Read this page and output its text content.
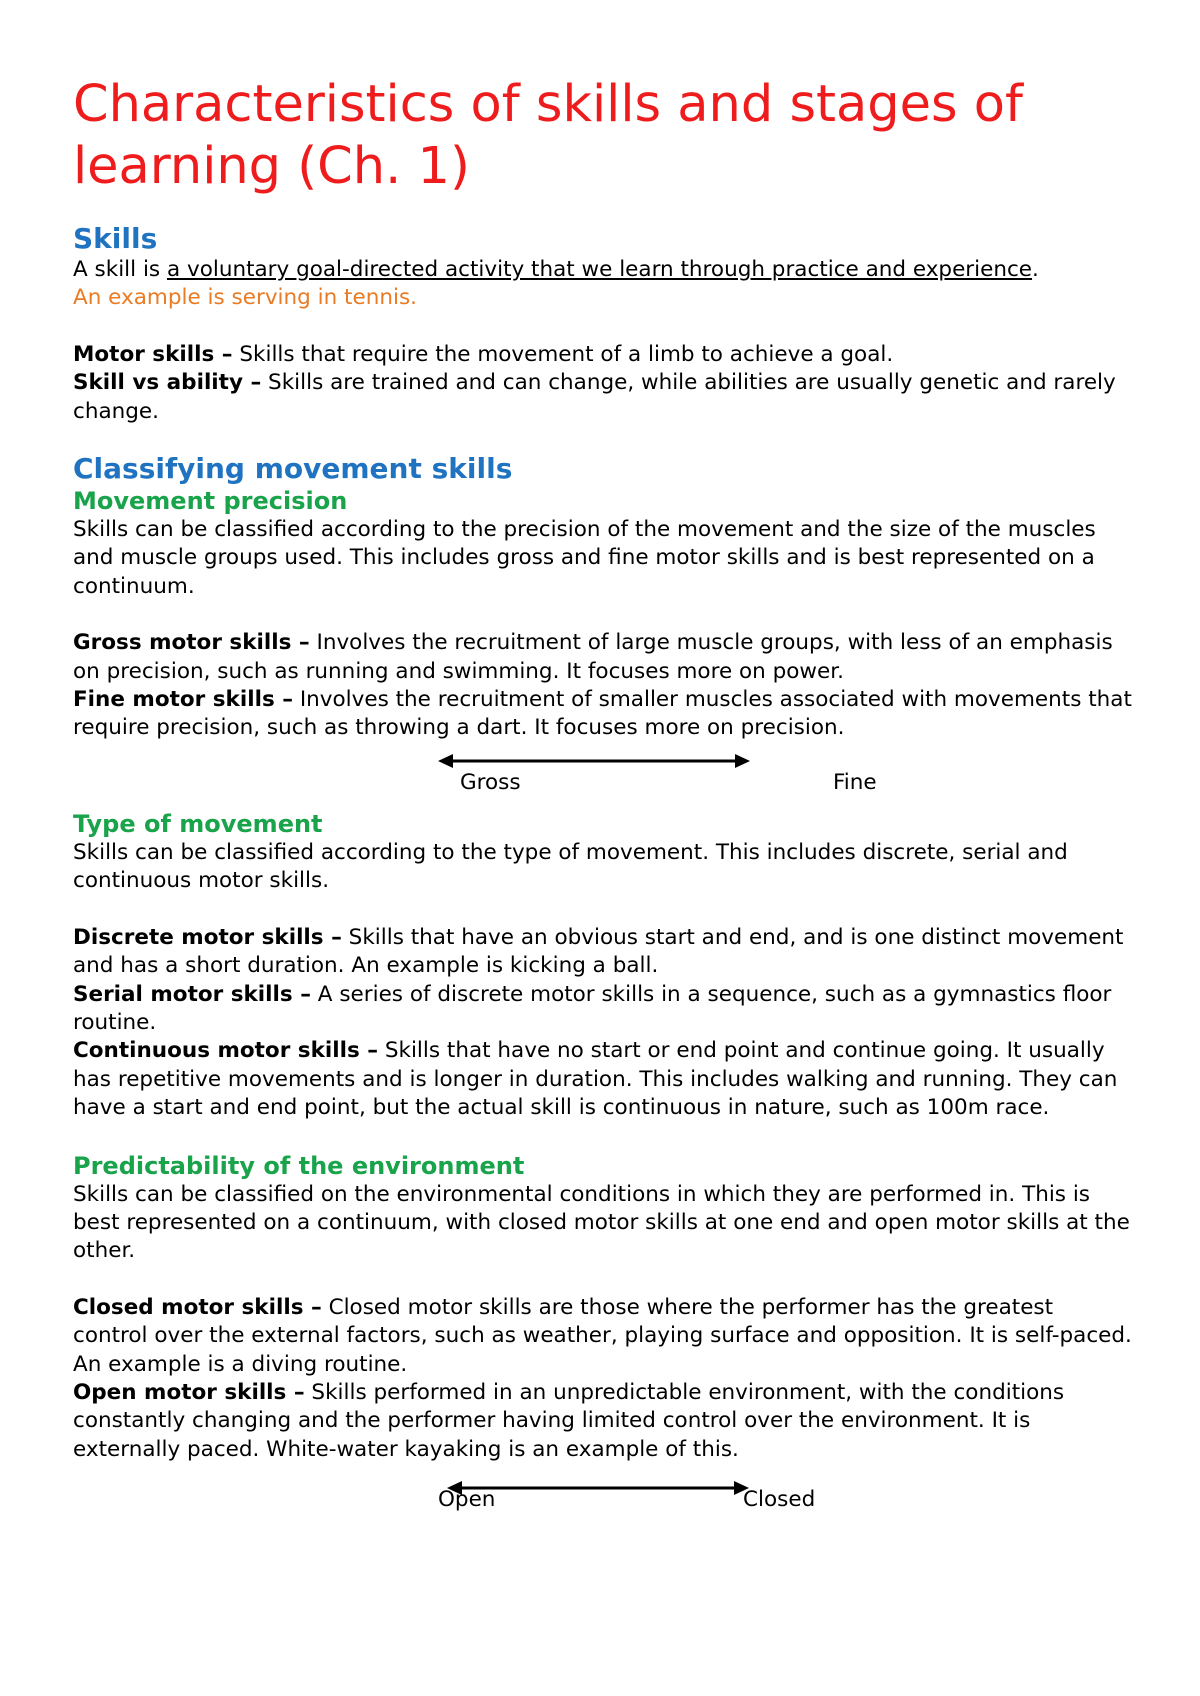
Characteristics of skills and stages of learning (Ch. 1)
Skills

A skill is a voluntary goal-directed activity that we learn through practice and experience.

An example is serving in tennis.

Motor skills – Skills that require the movement of a limb to achieve a goal.

Skill vs ability – Skills are trained and can change, while abilities are usually genetic and rarely change.

Classifying movement skills
Movement precision

Skills can be classified according to the precision of the movement and the size of the muscles and muscle groups used. This includes gross and fine motor skills and is best represented on a continuum.

Gross motor skills – Involves the recruitment of large muscle groups, with less of an emphasis on precision, such as running and swimming. It focuses more on power.

Fine motor skills – Involves the recruitment of smaller muscles associated with movements that require precision, such as throwing a dart. It focuses more on precision.

Gross	Fine
Type of movement

Skills can be classified according to the type of movement. This includes discrete, serial and continuous motor skills.

Discrete motor skills – Skills that have an obvious start and end, and is one distinct movement and has a short duration. An example is kicking a ball.

Serial motor skills – A series of discrete motor skills in a sequence, such as a gymnastics floor routine.

Continuous motor skills – Skills that have no start or end point and continue going. It usually has repetitive movements and is longer in duration. This includes walking and running. They can have a start and end point, but the actual skill is continuous in nature, such as 100m race.

Predictability of the environment

Skills can be classified on the environmental conditions in which they are performed in. This is best represented on a continuum, with closed motor skills at one end and open motor skills at the other.

Closed motor skills – Closed motor skills are those where the performer has the greatest control over the external factors, such as weather, playing surface and opposition. It is self-paced. An example is a diving routine.

Open motor skills – Skills performed in an unpredictable environment, with the conditions constantly changing and the performer having limited control over the environment. It is externally paced. White-water kayaking is an example of this.

Open	Closed
